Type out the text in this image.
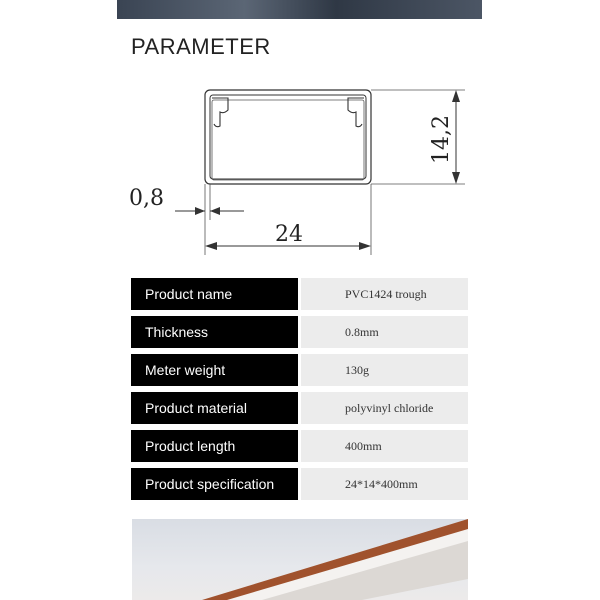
PARAMETER
14,2
0,8
24
Product name	PVC1424 trough
Thickness	0.8mm
Meter weight	130g
Product material	polyvinyl chloride
Product length	400mm
Product specification	24*14*400mm
